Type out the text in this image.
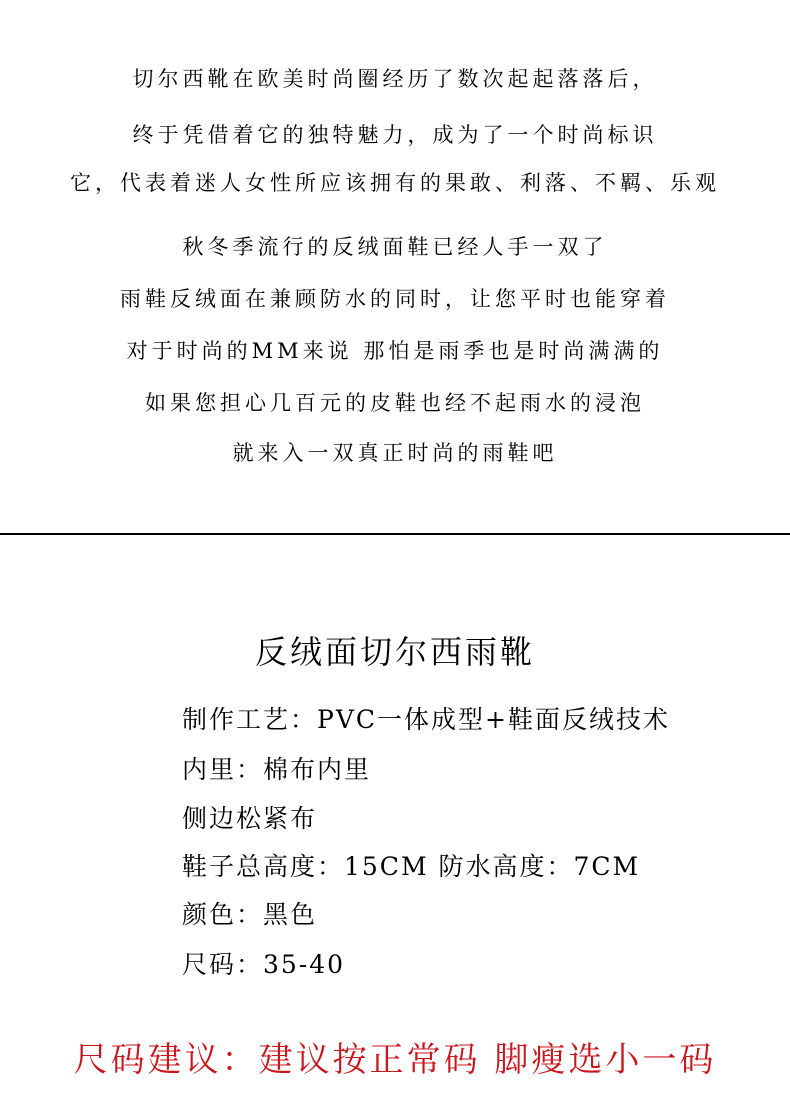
切尔西靴在欧美时尚圈经历了数次起起落落后，
终于凭借着它的独特魅力，成为了一个时尚标识
它，代表着迷人女性所应该拥有的果敢、利落、不羁、乐观
秋冬季流行的反绒面鞋已经人手一双了
雨鞋反绒面在兼顾防水的同时，让您平时也能穿着
对于时尚的MM来说 那怕是雨季也是时尚满满的
如果您担心几百元的皮鞋也经不起雨水的浸泡
就来入一双真正时尚的雨鞋吧
反绒面切尔西雨靴
制作工艺：PVC一体成型+鞋面反绒技术
内里：棉布内里
侧边松紧布
鞋子总高度：15CM 防水高度：7CM
颜色：黑色
尺码：35-40
尺码建议：建议按正常码 脚瘦选小一码
